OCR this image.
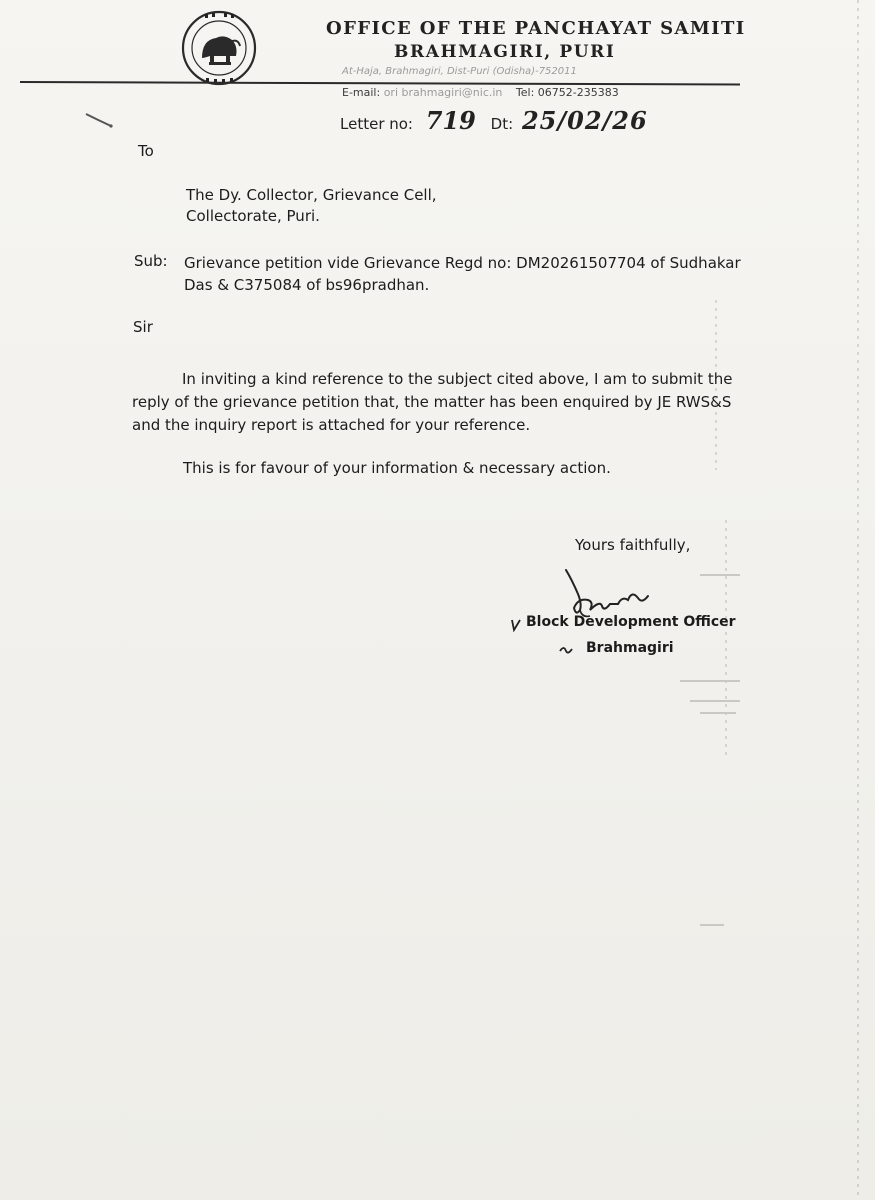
OFFICE OF THE PANCHAYAT SAMITI
BRAHMAGIRI, PURI
At-Haja, Brahmagiri, Dist-Puri (Odisha)-752011
E-mail: ori brahmagiri@nic.in Tel: 06752-235383
Letter no: 719 Dt: 25/02/26
To
The Dy. Collector, Grievance Cell,
Collectorate, Puri.
Sub: Grievance petition vide Grievance Regd no: DM20261507704 of Sudhakar Das & C375084 of bs96pradhan.
Sir
In inviting a kind reference to the subject cited above, I am to submit the reply of the grievance petition that, the matter has been enquired by JE RWS&S and the inquiry report is attached for your reference.
This is for favour of your information & necessary action.
Yours faithfully,
Block Development Officer
Brahmagiri
